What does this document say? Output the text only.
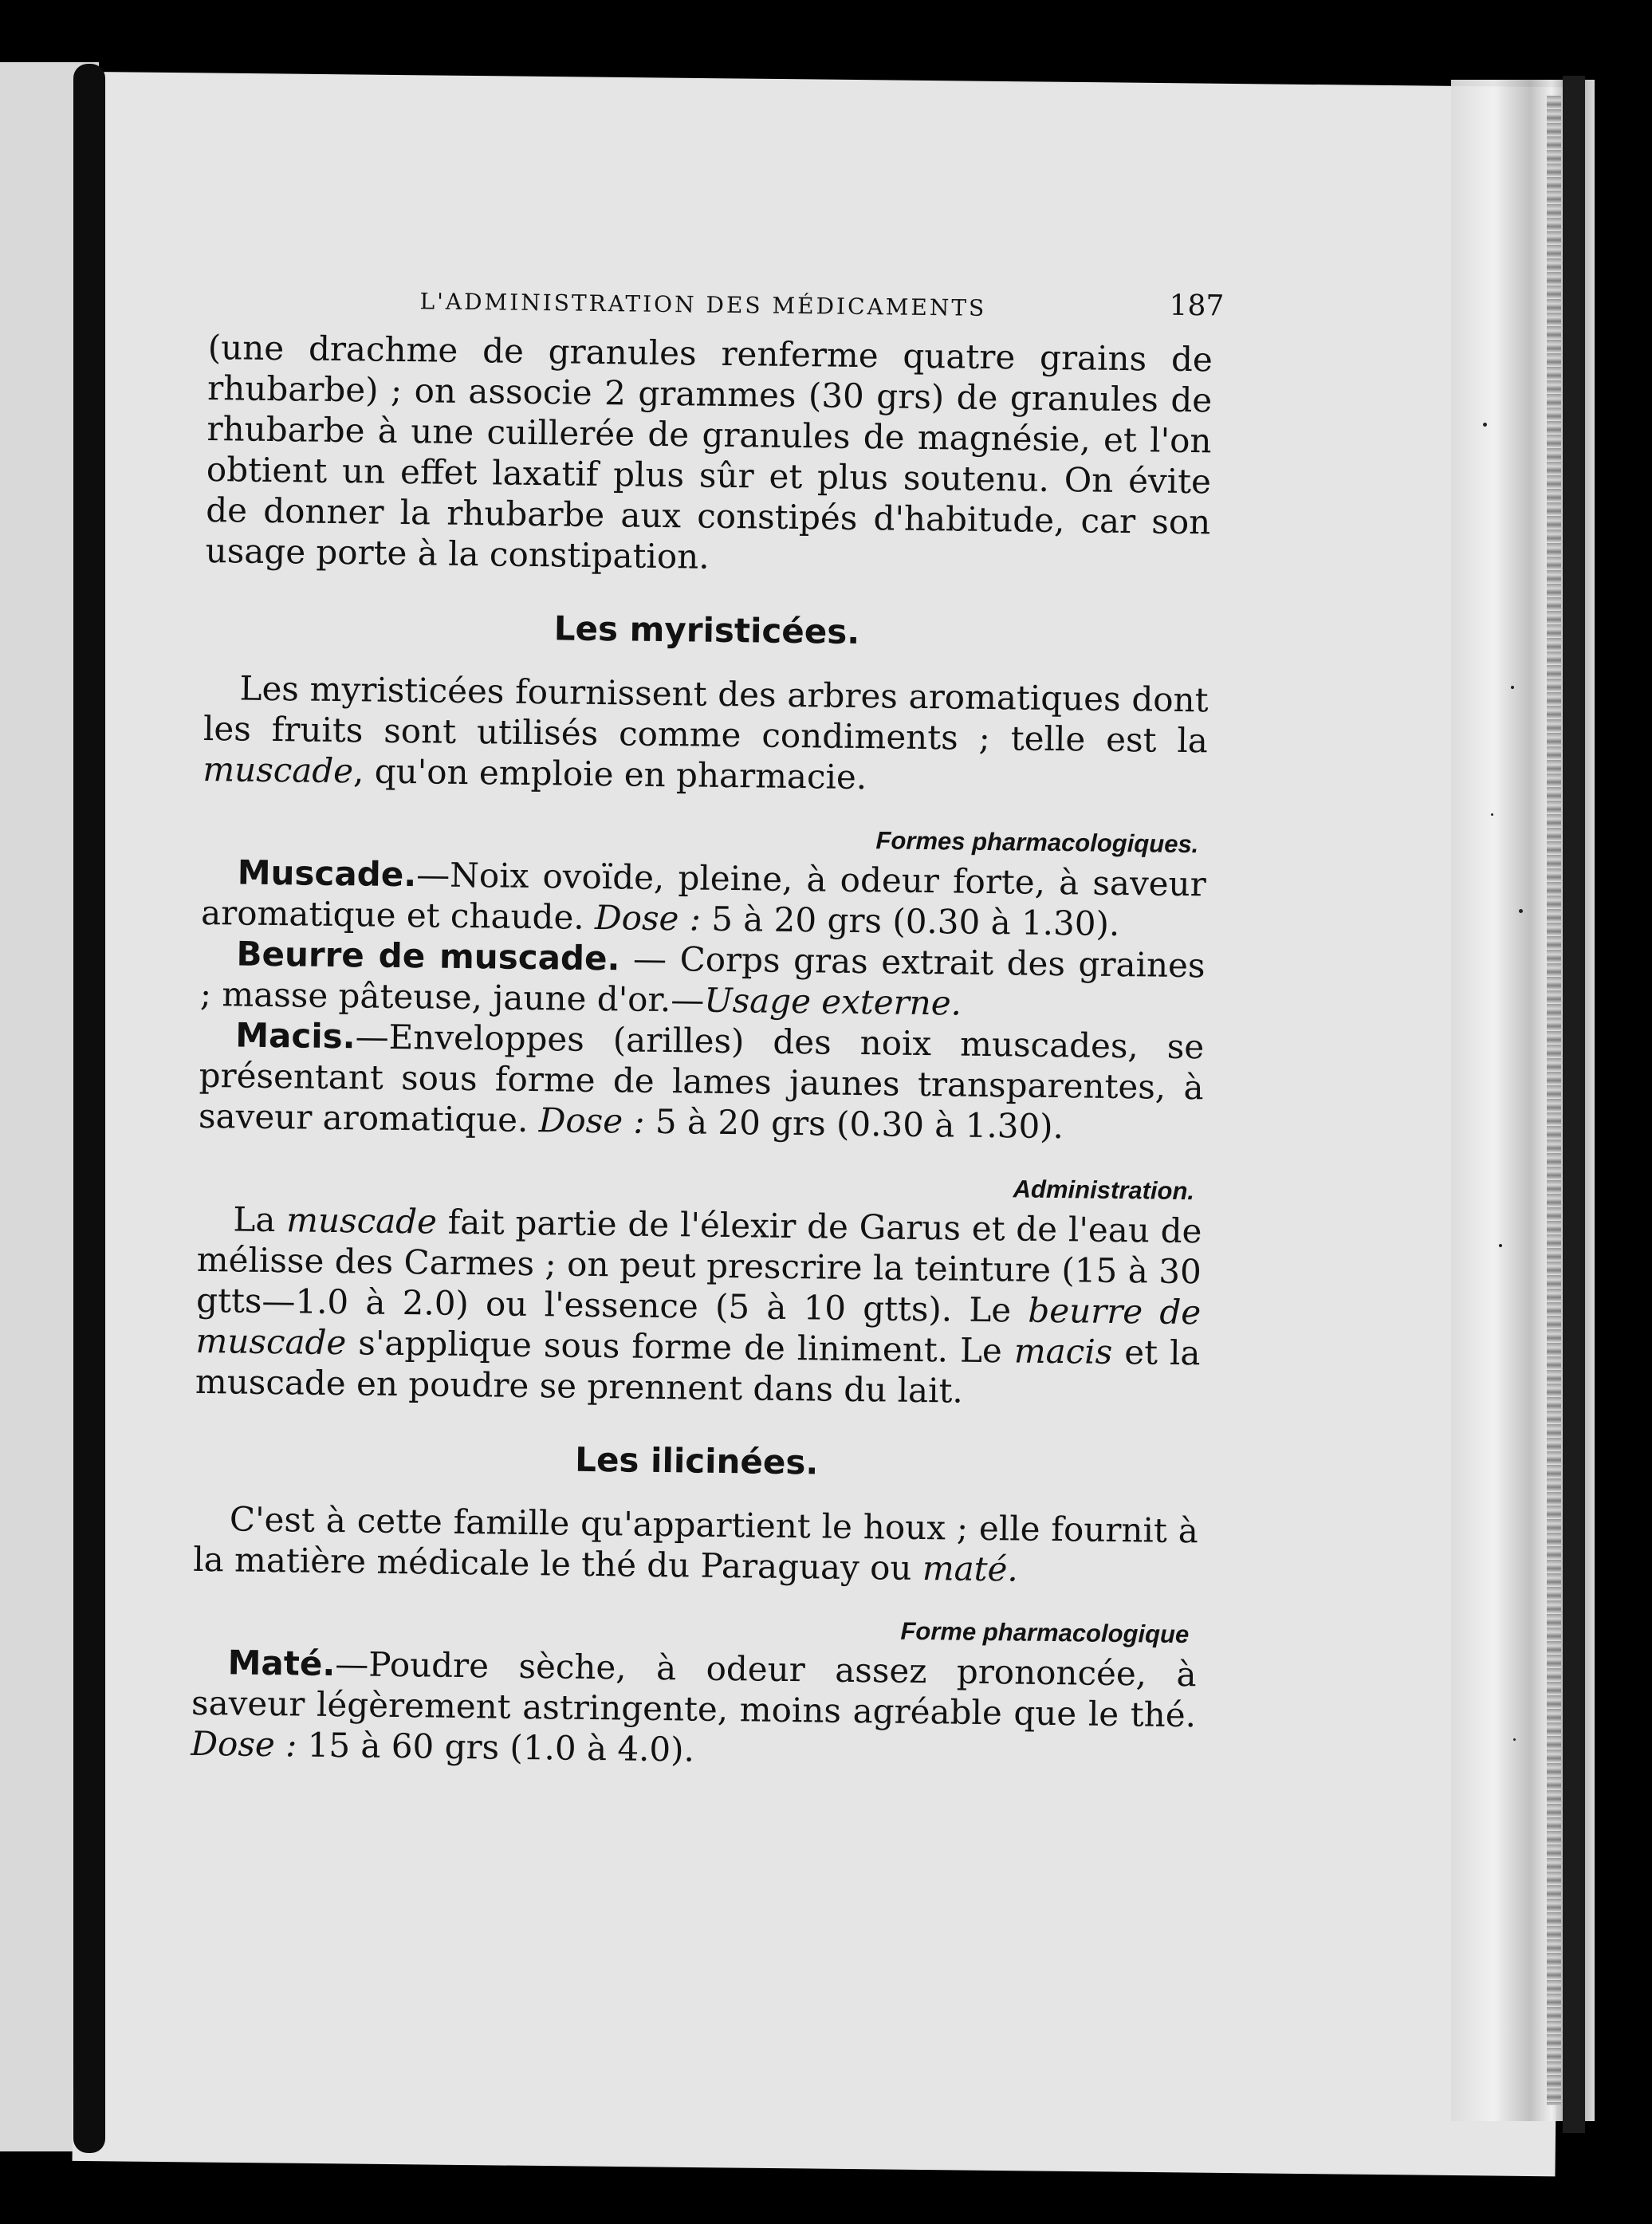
L'ADMINISTRATION DES MÉDICAMENTS	187

(une drachme de granules renferme quatre grains de rhubarbe) ; on associe 2 grammes (30 grs) de granules de rhubarbe à une cuillerée de granules de magnésie, et l'on obtient un effet laxatif plus sûr et plus soutenu. On évite de donner la rhubarbe aux constipés d'habitude, car son usage porte à la constipation.

Les myristicées.

Les myristicées fournissent des arbres aromatiques dont les fruits sont utilisés comme condiments ; telle est la muscade, qu'on emploie en pharmacie.

Formes pharmacologiques.

Muscade.—Noix ovoïde, pleine, à odeur forte, à saveur aromatique et chaude. Dose : 5 à 20 grs (0.30 à 1.30).

Beurre de muscade. — Corps gras extrait des graines ; masse pâteuse, jaune d'or.—Usage externe.

Macis.—Enveloppes (arilles) des noix muscades, se présentant sous forme de lames jaunes transparentes, à saveur aromatique. Dose : 5 à 20 grs (0.30 à 1.30).

Administration.

La muscade fait partie de l'élexir de Garus et de l'eau de mélisse des Carmes ; on peut prescrire la teinture (15 à 30 gtts—1.0 à 2.0) ou l'essence (5 à 10 gtts). Le beurre de muscade s'applique sous forme de liniment. Le macis et la muscade en poudre se prennent dans du lait.

Les ilicinées.

C'est à cette famille qu'appartient le houx ; elle fournit à la matière médicale le thé du Paraguay ou maté.

Forme pharmacologique

Maté.—Poudre sèche, à odeur assez prononcée, à saveur légèrement astringente, moins agréable que le thé. Dose : 15 à 60 grs (1.0 à 4.0).
